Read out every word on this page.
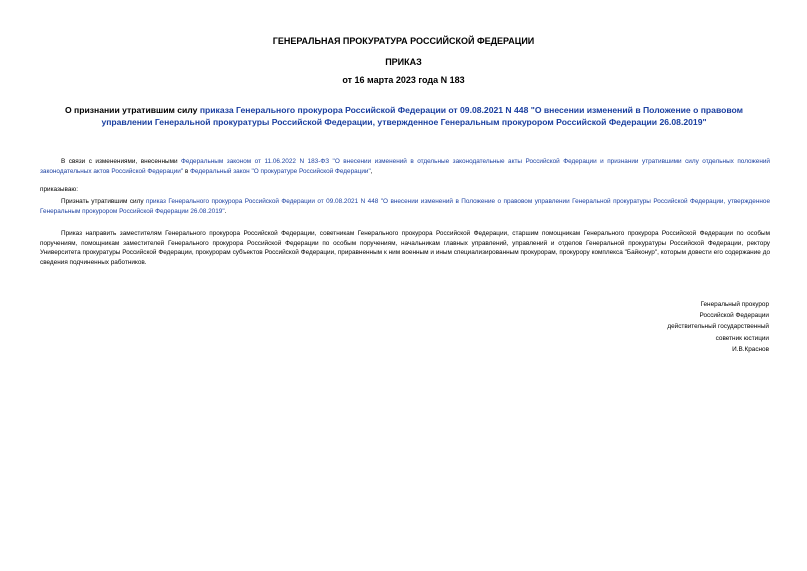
ГЕНЕРАЛЬНАЯ ПРОКУРАТУРА РОССИЙСКОЙ ФЕДЕРАЦИИ
ПРИКАЗ
от 16 марта 2023 года N 183
О признании утратившим силу приказа Генерального прокурора Российской Федерации от 09.08.2021 N 448 "О внесении изменений в Положение о правовом управлении Генеральной прокуратуры Российской Федерации, утвержденное Генеральным прокурором Российской Федерации 26.08.2019"
В связи с изменениями, внесенными Федеральным законом от 11.06.2022 N 183-ФЗ "О внесении изменений в отдельные законодательные акты Российской Федерации и признании утратившими силу отдельных положений законодательных актов Российской Федерации" в Федеральный закон "О прокуратуре Российской Федерации",
приказываю:
Признать утратившим силу приказ Генерального прокурора Российской Федерации от 09.08.2021 N 448 "О внесении изменений в Положение о правовом управлении Генеральной прокуратуры Российской Федерации, утвержденное Генеральным прокурором Российской Федерации 26.08.2019".
Приказ направить заместителям Генерального прокурора Российской Федерации, советникам Генерального прокурора Российской Федерации, старшим помощникам Генерального прокурора Российской Федерации по особым поручениям, помощникам заместителей Генерального прокурора Российской Федерации по особым поручениям, начальникам главных управлений, управлений и отделов Генеральной прокуратуры Российской Федерации, ректору Университета прокуратуры Российской Федерации, прокурорам субъектов Российской Федерации, приравненным к ним военным и иным специализированным прокурорам, прокурору комплекса "Байконур", которым довести его содержание до сведения подчиненных работников.
Генеральный прокурор
Российской Федерации
действительный государственный
советник юстиции
И.В.Краснов
